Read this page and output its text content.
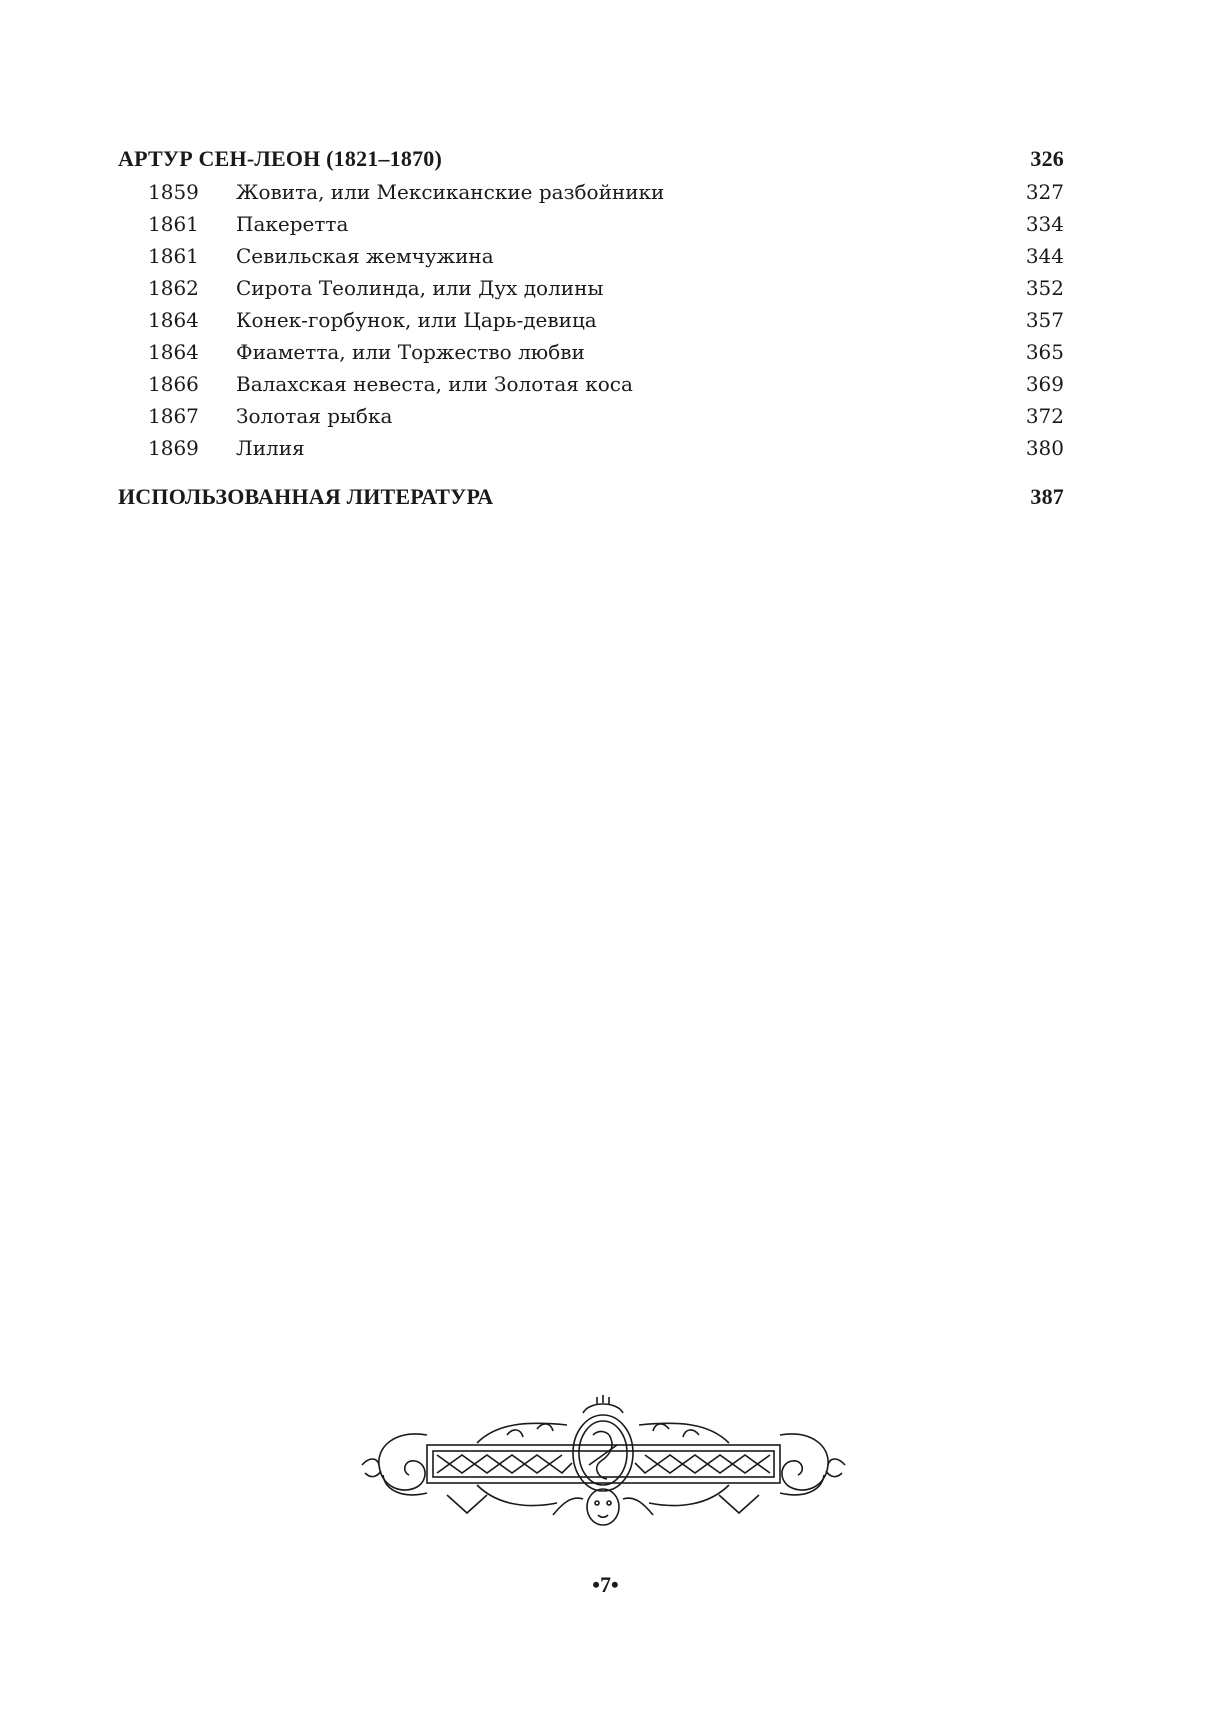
АРТУР СЕН-ЛЕОН (1821–1870)	326
1859	Жовита, или Мексиканские разбойники	327
1861	Пакеретта	334
1861	Севильская жемчужина	344
1862	Сирота Теолинда, или Дух долины	352
1864	Конек-горбунок, или Царь-девица	357
1864	Фиаметта, или Торжество любви	365
1866	Валахская невеста, или Золотая коса	369
1867	Золотая рыбка	372
1869	Лилия	380
ИСПОЛЬЗОВАННАЯ ЛИТЕРАТУРА	387
•7•
